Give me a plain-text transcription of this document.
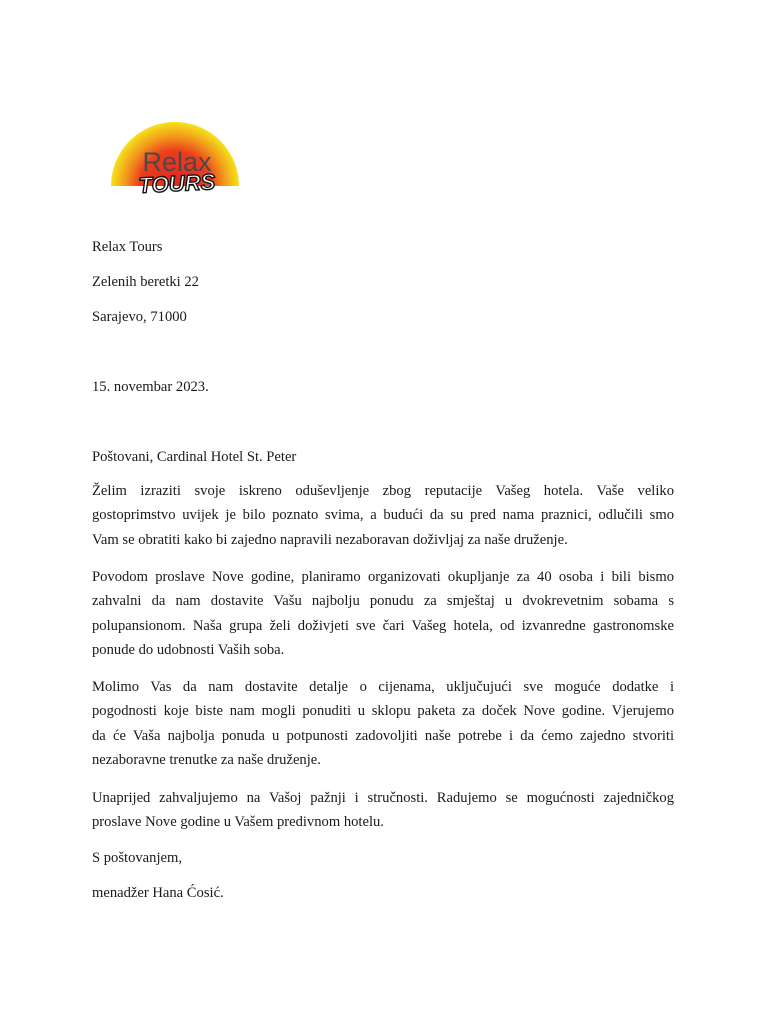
Relax
TOURS
Relax Tours
Zelenih beretki 22
Sarajevo, 71000
15. novembar 2023.
Poštovani, Cardinal Hotel St. Peter
Želim izraziti svoje iskreno oduševljenje zbog reputacije Vašeg hotela. Vaše veliko
gostoprimstvo uvijek je bilo poznato svima, a budući da su pred nama praznici, odlučili smo
Vam se obratiti kako bi zajedno napravili nezaboravan doživljaj za naše druženje.
Povodom proslave Nove godine, planiramo organizovati okupljanje za 40 osoba i bili bismo
zahvalni da nam dostavite Vašu najbolju ponudu za smještaj u dvokrevetnim sobama s
polupansionom. Naša grupa želi doživjeti sve čari Vašeg hotela, od izvanredne gastronomske
ponude do udobnosti Vaših soba.
Molimo Vas da nam dostavite detalje o cijenama, uključujući sve moguće dodatke i
pogodnosti koje biste nam mogli ponuditi u sklopu paketa za doček Nove godine. Vjerujemo
da će Vaša najbolja ponuda u potpunosti zadovoljiti naše potrebe i da ćemo zajedno stvoriti
nezaboravne trenutke za naše druženje.
Unaprijed zahvaljujemo na Vašoj pažnji i stručnosti. Radujemo se mogućnosti zajedničkog
proslave Nove godine u Vašem predivnom hotelu.
S poštovanjem,
menadžer Hana Ćosić.
